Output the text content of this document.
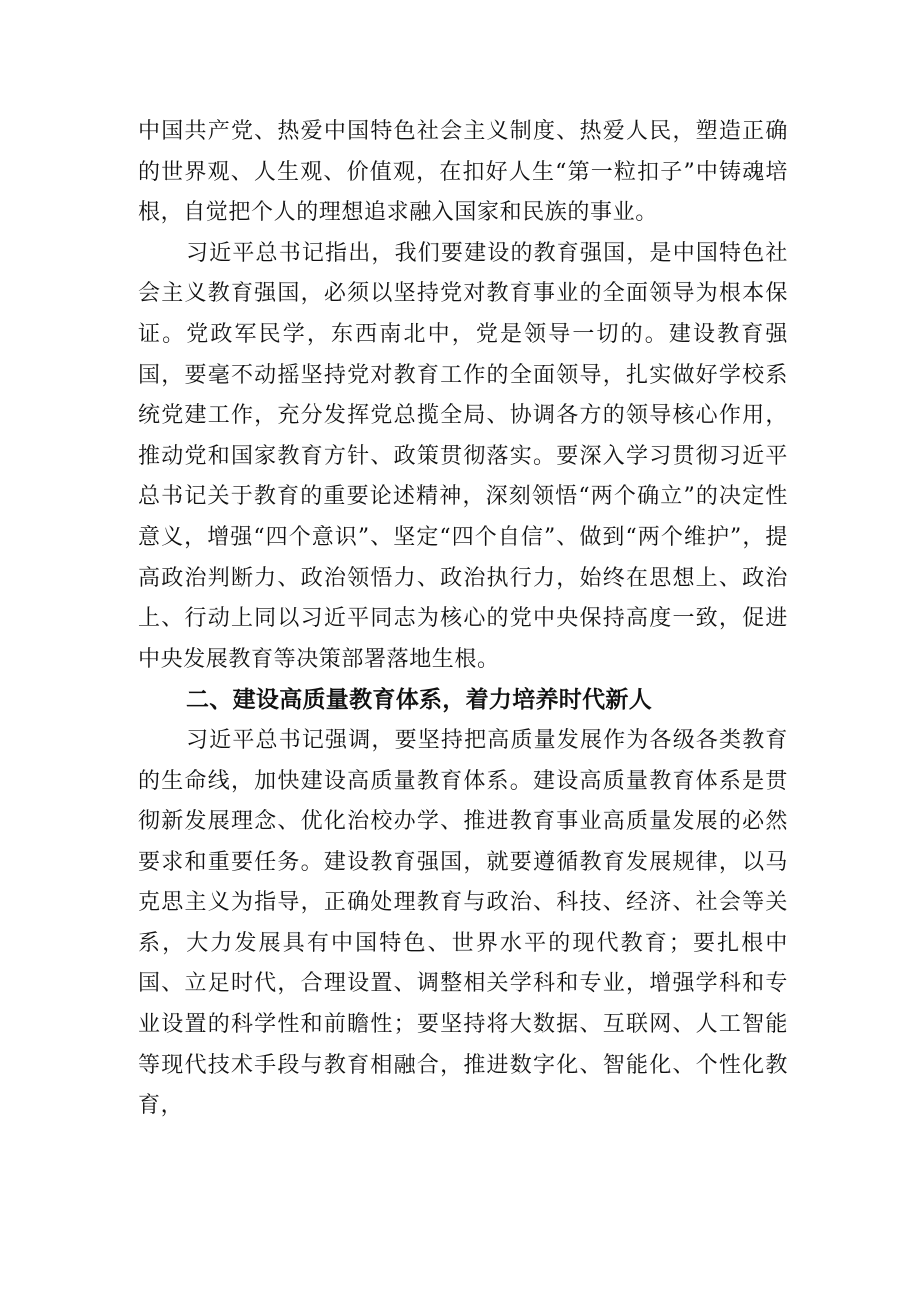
中国共产党、热爱中国特色社会主义制度、热爱人民，塑造正确的世界观、人生观、价值观，在扣好人生“第一粒扣子”中铸魂培根，自觉把个人的理想追求融入国家和民族的事业。

习近平总书记指出，我们要建设的教育强国，是中国特色社会主义教育强国，必须以坚持党对教育事业的全面领导为根本保证。党政军民学，东西南北中，党是领导一切的。建设教育强国，要毫不动摇坚持党对教育工作的全面领导，扎实做好学校系统党建工作，充分发挥党总揽全局、协调各方的领导核心作用，推动党和国家教育方针、政策贯彻落实。要深入学习贯彻习近平总书记关于教育的重要论述精神，深刻领悟“两个确立”的决定性意义，增强“四个意识”、坚定“四个自信”、做到“两个维护”，提高政治判断力、政治领悟力、政治执行力，始终在思想上、政治上、行动上同以习近平同志为核心的党中央保持高度一致，促进中央发展教育等决策部署落地生根。

二、建设高质量教育体系，着力培养时代新人

习近平总书记强调，要坚持把高质量发展作为各级各类教育的生命线，加快建设高质量教育体系。建设高质量教育体系是贯彻新发展理念、优化治校办学、推进教育事业高质量发展的必然要求和重要任务。建设教育强国，就要遵循教育发展规律，以马克思主义为指导，正确处理教育与政治、科技、经济、社会等关系，大力发展具有中国特色、世界水平的现代教育；要扎根中国、立足时代，合理设置、调整相关学科和专业，增强学科和专业设置的科学性和前瞻性；要坚持将大数据、互联网、人工智能等现代技术手段与教育相融合，推进数字化、智能化、个性化教育，
